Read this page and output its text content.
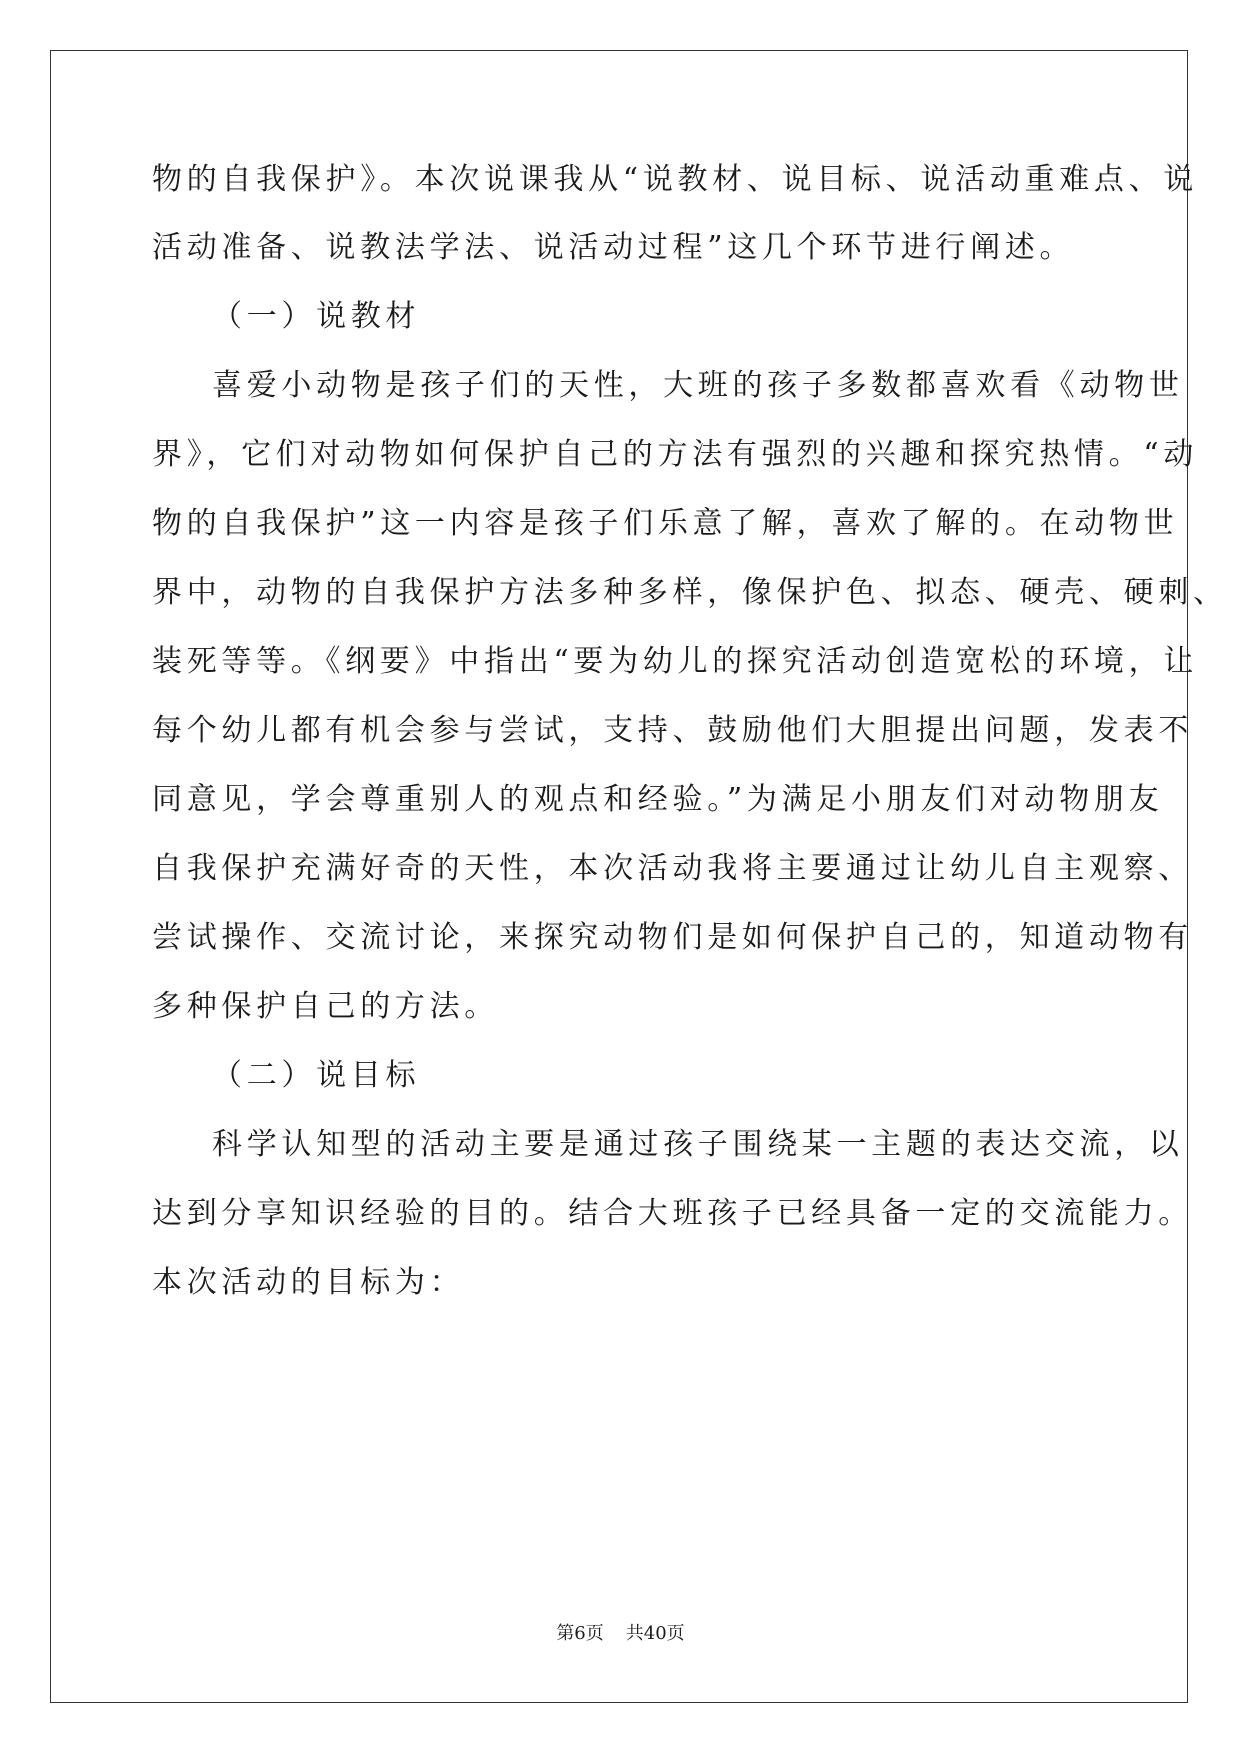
物的自我保护》。本次说课我从“说教材、说目标、说活动重难点、说
活动准备、说教法学法、说活动过程”这几个环节进行阐述。
（一）说教材
喜爱小动物是孩子们的天性，大班的孩子多数都喜欢看《动物世
界》，它们对动物如何保护自己的方法有强烈的兴趣和探究热情。“动
物的自我保护”这一内容是孩子们乐意了解，喜欢了解的。在动物世
界中，动物的自我保护方法多种多样，像保护色、拟态、硬壳、硬刺、
装死等等。《纲要》中指出“要为幼儿的探究活动创造宽松的环境，让
每个幼儿都有机会参与尝试，支持、鼓励他们大胆提出问题，发表不
同意见，学会尊重别人的观点和经验。”为满足小朋友们对动物朋友
自我保护充满好奇的天性，本次活动我将主要通过让幼儿自主观察、
尝试操作、交流讨论，来探究动物们是如何保护自己的，知道动物有
多种保护自己的方法。
（二）说目标
科学认知型的活动主要是通过孩子围绕某一主题的表达交流，以
达到分享知识经验的目的。结合大班孩子已经具备一定的交流能力。
本次活动的目标为：
第6页 共40页
